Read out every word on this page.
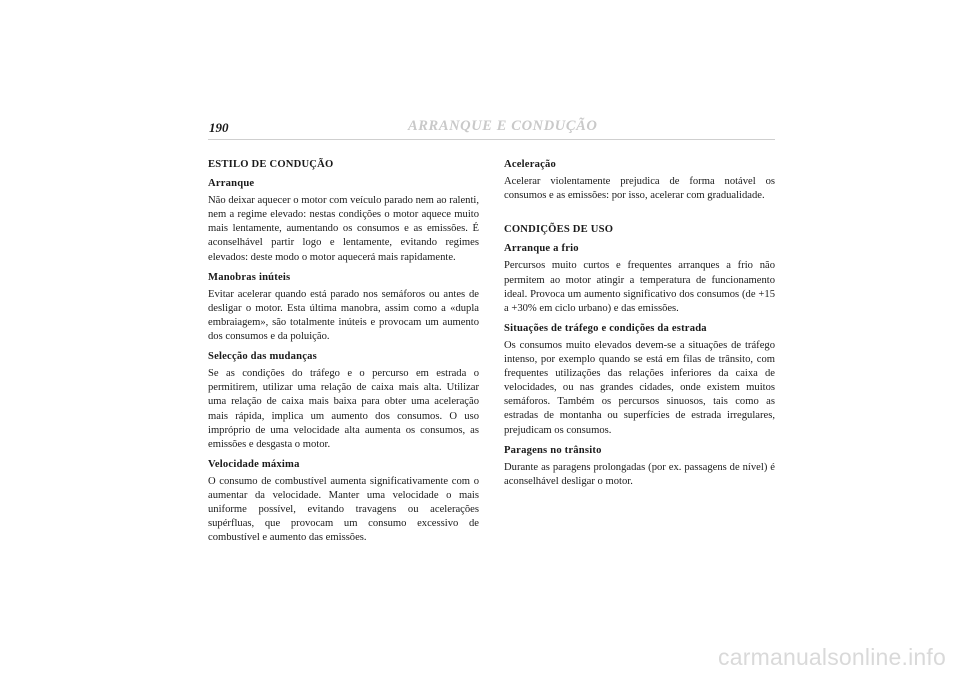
190	ARRANQUE E CONDUÇÃO
ESTILO DE CONDUÇÃO
Arranque

Não deixar aquecer o motor com veículo parado nem ao ralenti, nem a regime elevado: nestas condições o motor aquece muito mais lentamente, aumentando os consumos e as emissões. É aconselhável partir logo e lentamente, evitando regimes elevados: deste modo o motor aquecerá mais rapidamente.

Manobras inúteis

Evitar acelerar quando está parado nos semáforos ou antes de desligar o motor. Esta última manobra, assim como a «dupla embraiagem», são totalmente inúteis e provocam um aumento dos consumos e da poluição.

Selecção das mudanças

Se as condições do tráfego e o percurso em estrada o permitirem, utilizar uma relação de caixa mais alta. Utilizar uma relação de caixa mais baixa para obter uma aceleração mais rápida, implica um aumento dos consumos. O uso impróprio de uma velocidade alta aumenta os consumos, as emissões e desgasta o motor.

Velocidade máxima

O consumo de combustível aumenta significativamente com o aumentar da velocidade. Manter uma velocidade o mais uniforme possível, evitando travagens ou acelerações supérfluas, que provocam um consumo excessivo de combustível e aumento das emissões.

Aceleração

Acelerar violentamente prejudica de forma notável os consumos e as emissões: por isso, acelerar com gradualidade.

CONDIÇÕES DE USO
Arranque a frio

Percursos muito curtos e frequentes arranques a frio não permitem ao motor atingir a temperatura de funcionamento ideal. Provoca um aumento significativo dos consumos (de +15 a +30% em ciclo urbano) e das emissões.

Situações de tráfego e condições da estrada

Os consumos muito elevados devem-se a situações de tráfego intenso, por exemplo quando se está em filas de trânsito, com frequentes utilizações das relações inferiores da caixa de velocidades, ou nas grandes cidades, onde existem muitos semáforos. Também os percursos sinuosos, tais como as estradas de montanha ou superfícies de estrada irregulares, prejudicam os consumos.

Paragens no trânsito

Durante as paragens prolongadas (por ex. passagens de nível) é aconselhável desligar o motor.

carmanualsonline.info
